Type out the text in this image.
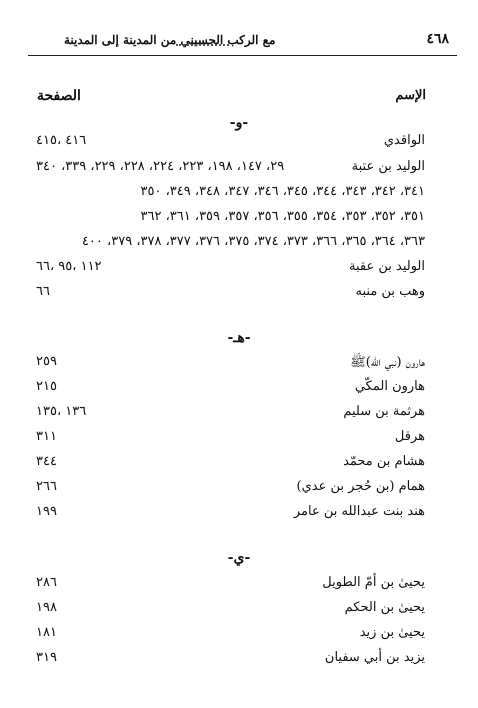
٤٦٨
مع الركب الحسيني من المدينة إلى المدينة
الإسم
الصفحة
-و-
الواقدي
٤١٦ ،٤١٥
الوليد بن عتبة
٢٩، ١٤٧، ١٩٨، ٢٢٣، ٢٢٤، ٢٢٨، ٢٢٩، ٣٣٩، ٣٤٠
٣٤١، ٣٤٢، ٣٤٣، ٣٤٤، ٣٤٥، ٣٤٦، ٣٤٧، ٣٤٨، ٣٤٩، ٣٥٠
٣٥١، ٣٥٢، ٣٥٣، ٣٥٤، ٣٥٥، ٣٥٦، ٣٥٧، ٣٥٩، ٣٦١، ٣٦٢
٣٦٣، ٣٦٤، ٣٦٥، ٣٦٦، ٣٧٣، ٣٧٤، ٣٧٥، ٣٧٦، ٣٧٧، ٣٧٨، ٣٧٩، ٤٠٠
الوليد بن عقبة
١١٢ ،٩٥ ،٦٦
وهب بن منبه
٦٦
-هـ-
هارون (نبي الله)ﷺ
٢٥٩
هارون المكّي
٢١٥
هرثمة بن سليم
١٣٦ ،١٣٥
هرقل
٣١١
هشام بن محمّد
٣٤٤
همام (بن حُجر بن عدي)
٢٦٦
هند بنت عبدالله بن عامر
١٩٩
-ي-
يحيىٰ بن أمّ الطويل
٢٨٦
يحيىٰ بن الحكم
١٩٨
يحيىٰ بن زيد
١٨١
يزيد بن أبي سفيان
٣١٩
